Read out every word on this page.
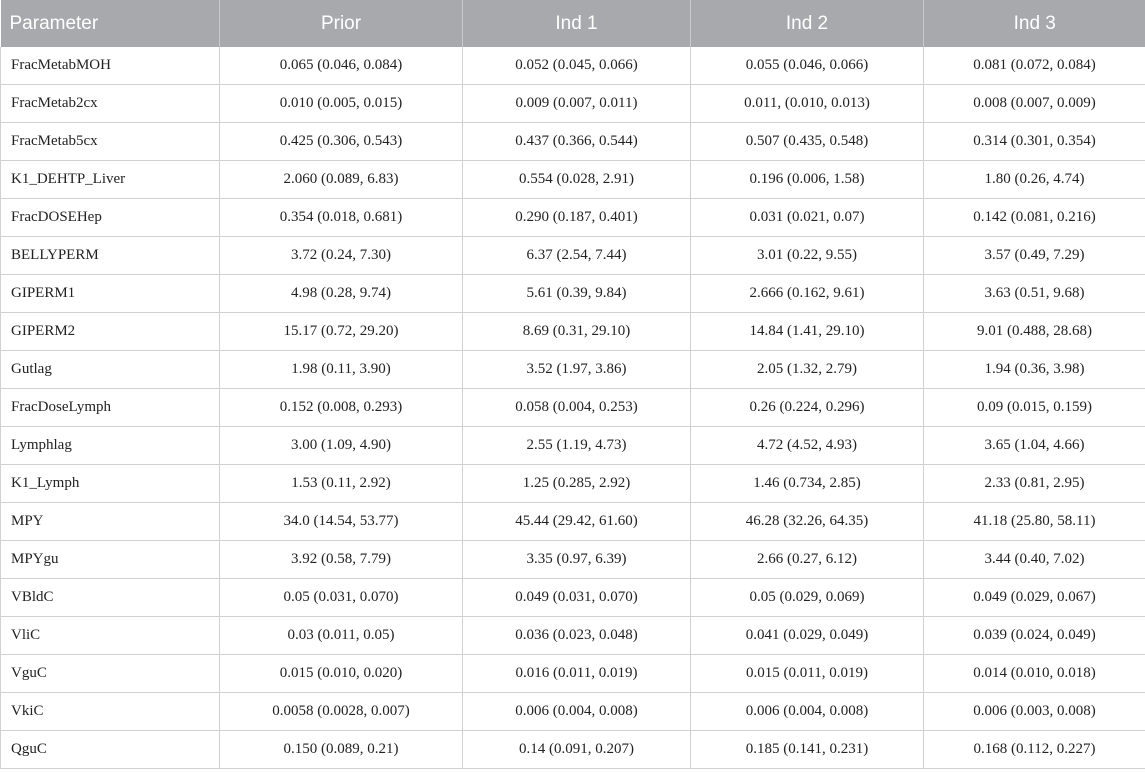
Parameter	Prior	Ind 1	Ind 2	Ind 3
FracMetabMOH	0.065 (0.046, 0.084)	0.052 (0.045, 0.066)	0.055 (0.046, 0.066)	0.081 (0.072, 0.084)
FracMetab2cx	0.010 (0.005, 0.015)	0.009 (0.007, 0.011)	0.011, (0.010, 0.013)	0.008 (0.007, 0.009)
FracMetab5cx	0.425 (0.306, 0.543)	0.437 (0.366, 0.544)	0.507 (0.435, 0.548)	0.314 (0.301, 0.354)
K1_DEHTP_Liver	2.060 (0.089, 6.83)	0.554 (0.028, 2.91)	0.196 (0.006, 1.58)	1.80 (0.26, 4.74)
FracDOSEHep	0.354 (0.018, 0.681)	0.290 (0.187, 0.401)	0.031 (0.021, 0.07)	0.142 (0.081, 0.216)
BELLYPERM	3.72 (0.24, 7.30)	6.37 (2.54, 7.44)	3.01 (0.22, 9.55)	3.57 (0.49, 7.29)
GIPERM1	4.98 (0.28, 9.74)	5.61 (0.39, 9.84)	2.666 (0.162, 9.61)	3.63 (0.51, 9.68)
GIPERM2	15.17 (0.72, 29.20)	8.69 (0.31, 29.10)	14.84 (1.41, 29.10)	9.01 (0.488, 28.68)
Gutlag	1.98 (0.11, 3.90)	3.52 (1.97, 3.86)	2.05 (1.32, 2.79)	1.94 (0.36, 3.98)
FracDoseLymph	0.152 (0.008, 0.293)	0.058 (0.004, 0.253)	0.26 (0.224, 0.296)	0.09 (0.015, 0.159)
Lymphlag	3.00 (1.09, 4.90)	2.55 (1.19, 4.73)	4.72 (4.52, 4.93)	3.65 (1.04, 4.66)
K1_Lymph	1.53 (0.11, 2.92)	1.25 (0.285, 2.92)	1.46 (0.734, 2.85)	2.33 (0.81, 2.95)
MPY	34.0 (14.54, 53.77)	45.44 (29.42, 61.60)	46.28 (32.26, 64.35)	41.18 (25.80, 58.11)
MPYgu	3.92 (0.58, 7.79)	3.35 (0.97, 6.39)	2.66 (0.27, 6.12)	3.44 (0.40, 7.02)
VBldC	0.05 (0.031, 0.070)	0.049 (0.031, 0.070)	0.05 (0.029, 0.069)	0.049 (0.029, 0.067)
VliC	0.03 (0.011, 0.05)	0.036 (0.023, 0.048)	0.041 (0.029, 0.049)	0.039 (0.024, 0.049)
VguC	0.015 (0.010, 0.020)	0.016 (0.011, 0.019)	0.015 (0.011, 0.019)	0.014 (0.010, 0.018)
VkiC	0.0058 (0.0028, 0.007)	0.006 (0.004, 0.008)	0.006 (0.004, 0.008)	0.006 (0.003, 0.008)
QguC	0.150 (0.089, 0.21)	0.14 (0.091, 0.207)	0.185 (0.141, 0.231)	0.168 (0.112, 0.227)
